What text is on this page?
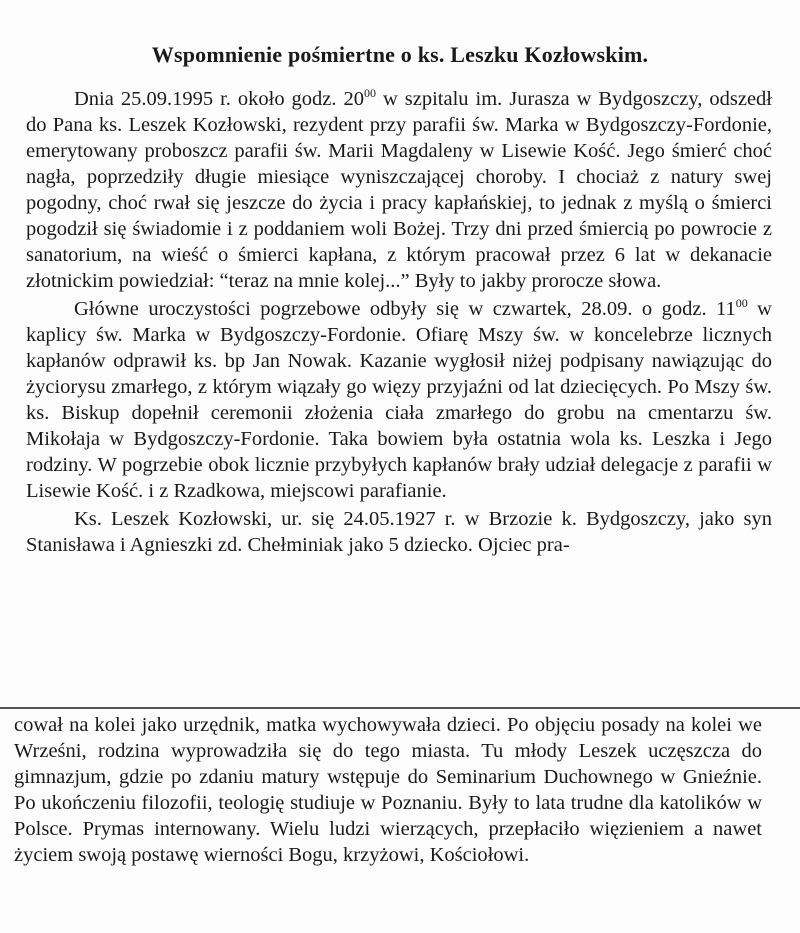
Wspomnienie pośmiertne o ks. Leszku Kozłowskim.

Dnia 25.09.1995 r. około godz. $20^{00}$ w szpitalu im. Jurasza w Bydgoszczy, odszedł do Pana ks. Leszek Kozłowski, rezydent przy parafii św. Marka w Bydgoszczy-Fordonie, emerytowany proboszcz parafii św. Marii Magdaleny w Lisewie Kość. Jego śmierć choć nagła, poprzedziły długie miesiące wyniszczającej choroby. I chociaż z natury swej pogodny, choć rwał się jeszcze do życia i pracy kapłańskiej, to jednak z myślą o śmierci pogodził się świadomie i z poddaniem woli Bożej. Trzy dni przed śmiercią po powrocie z sanatorium, na wieść o śmierci kapłana, z którym pracował przez 6 lat w dekanacie złotnickim powiedział: “teraz na mnie kolej...” Były to jakby proroczе słowa.

Główne uroczystości pogrzebowe odbyły się w czwartek, 28.09. o godz. $11^{00}$ w kaplicy św. Marka w Bydgoszczy-Fordonie. Ofiarę Mszy św. w koncelebrze licznych kapłanów odprawił ks. bp Jan Nowak. Kazanie wygłosił niżej podpisany nawiązując do życiorysu zmarłego, z którym wiązały go więzy przyjaźni od lat dziecięcych. Po Mszy św. ks. Biskup dopełnił ceremonii złożenia ciała zmarłego do grobu na cmentarzu św. Mikołaja w Bydgoszczy-Fordonie. Taka bowiem była ostatnia wola ks. Leszka i Jego rodziny. W pogrzebie obok licznie przybyłych kapłanów brały udział delegacje z parafii w Lisewie Kość. i z Rzadkowa, miejscowi parafianie.

Ks. Leszek Kozłowski, ur. się 24.05.1927 r. w Brzozie k. Bydgoszczy, jako syn Stanisława i Agnieszki zd. Chełminiak jako 5 dziecko. Ojciec pra-

cował na kolei jako urzędnik, matka wychowywała dzieci. Po objęciu posady na kolei we Wrześni, rodzina wyprowadziła się do tego miasta. Tu młody Leszek uczęszcza do gimnazjum, gdzie po zdaniu matury wstępuje do Seminarium Duchownego w Gnieźnie. Po ukończeniu filozofii, teologię studiuje w Poznaniu. Były to lata trudne dla katolików w Polsce. Prymas internowany. Wielu ludzi wierzących, przepłaciło więzieniem a nawet życiem swoją postawę wierności Bogu, krzyżowi, Kościołowi.
